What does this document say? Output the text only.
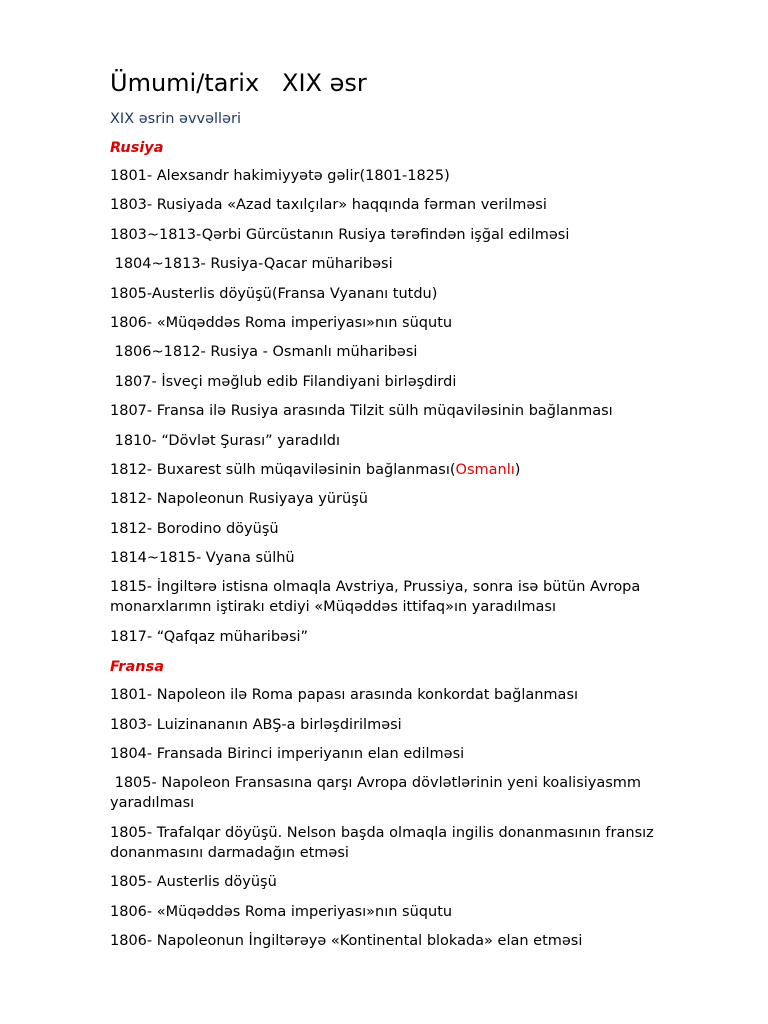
Ümumi/tarix   XIX əsr
XIX əsrin əvvəlləri
Rusiya
1801- Alexsandr hakimiyyətə gəlir(1801-1825)
1803- Rusiyada «Azad taxılçılar» haqqında fərman verilməsi
1803~1813-Qərbi Gürcüstanın Rusiya tərəfindən işğal edilməsi
1804~1813- Rusiya-Qacar müharibəsi
1805-Austerlis döyüşü(Fransa Vyananı tutdu)
1806- «Müqəddəs Roma imperiyası»nın süqutu
1806~1812- Rusiya - Osmanlı müharibəsi
1807- İsveçi məğlub edib Filandiyani birləşdirdi
1807- Fransa ilə Rusiya arasında Tilzit sülh müqaviləsinin bağlanması
1810- “Dövlət Şurası” yaradıldı
1812- Buxarest sülh müqaviləsinin bağlanması(Osmanlı)
1812- Napoleonun Rusiyaya yürüşü
1812- Borodino döyüşü
1814~1815- Vyana sülhü
1815- İngiltərə istisna olmaqla Avstriya, Prussiya, sonra isə bütün Avropa monarxlarımn iştirakı etdiyi «Müqəddəs ittifaq»ın yaradılması
1817- “Qafqaz müharibəsi”
Fransa
1801- Napoleon ilə Roma papası arasında konkordat bağlanması
1803- Luizinananın ABŞ-a birləşdirilməsi
1804- Fransada Birinci imperiyanın elan edilməsi
1805- Napoleon Fransasına qarşı Avropa dövlətlərinin yeni koalisiyasmm yaradılması
1805- Trafalqar döyüşü. Nelson başda olmaqla ingilis donanmasının fransız donanmasını darmadağın etməsi
1805- Austerlis döyüşü
1806- «Müqəddəs Roma imperiyası»nın süqutu
1806- Napoleonun İngiltərəyə «Kontinental blokada» elan etməsi
